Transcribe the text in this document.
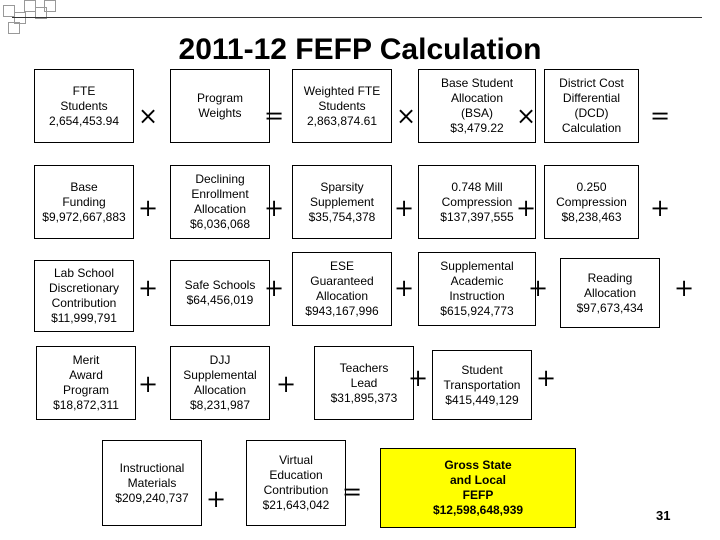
2011-12 FEFP Calculation
FTE
Students
2,654,453.94
Program
Weights
Weighted FTE
Students
2,863,874.61
Base Student
Allocation
(BSA)
$3,479.22
District Cost
Differential
(DCD)
Calculation
Base
Funding
$9,972,667,883
Declining
Enrollment
Allocation
$6,036,068
Sparsity
Supplement
$35,754,378
0.748 Mill
Compression
$137,397,555
0.250
Compression
$8,238,463
Lab School
Discretionary
Contribution
$11,999,791
Safe Schools
$64,456,019
ESE
Guaranteed
Allocation
$943,167,996
Supplemental
Academic
Instruction
$615,924,773
Reading
Allocation
$97,673,434
Merit
Award
Program
$18,872,311
DJJ
Supplemental
Allocation
$8,231,987
Teachers
Lead
$31,895,373
Student
Transportation
$415,449,129
Instructional
Materials
$209,240,737
Virtual
Education
Contribution
$21,643,042
Gross State
and Local
FEFP
$12,598,648,939
×	=	×	×	=
+	+	+	+	+
+	+	+	+	+
+	+	+	+
+	=
31
